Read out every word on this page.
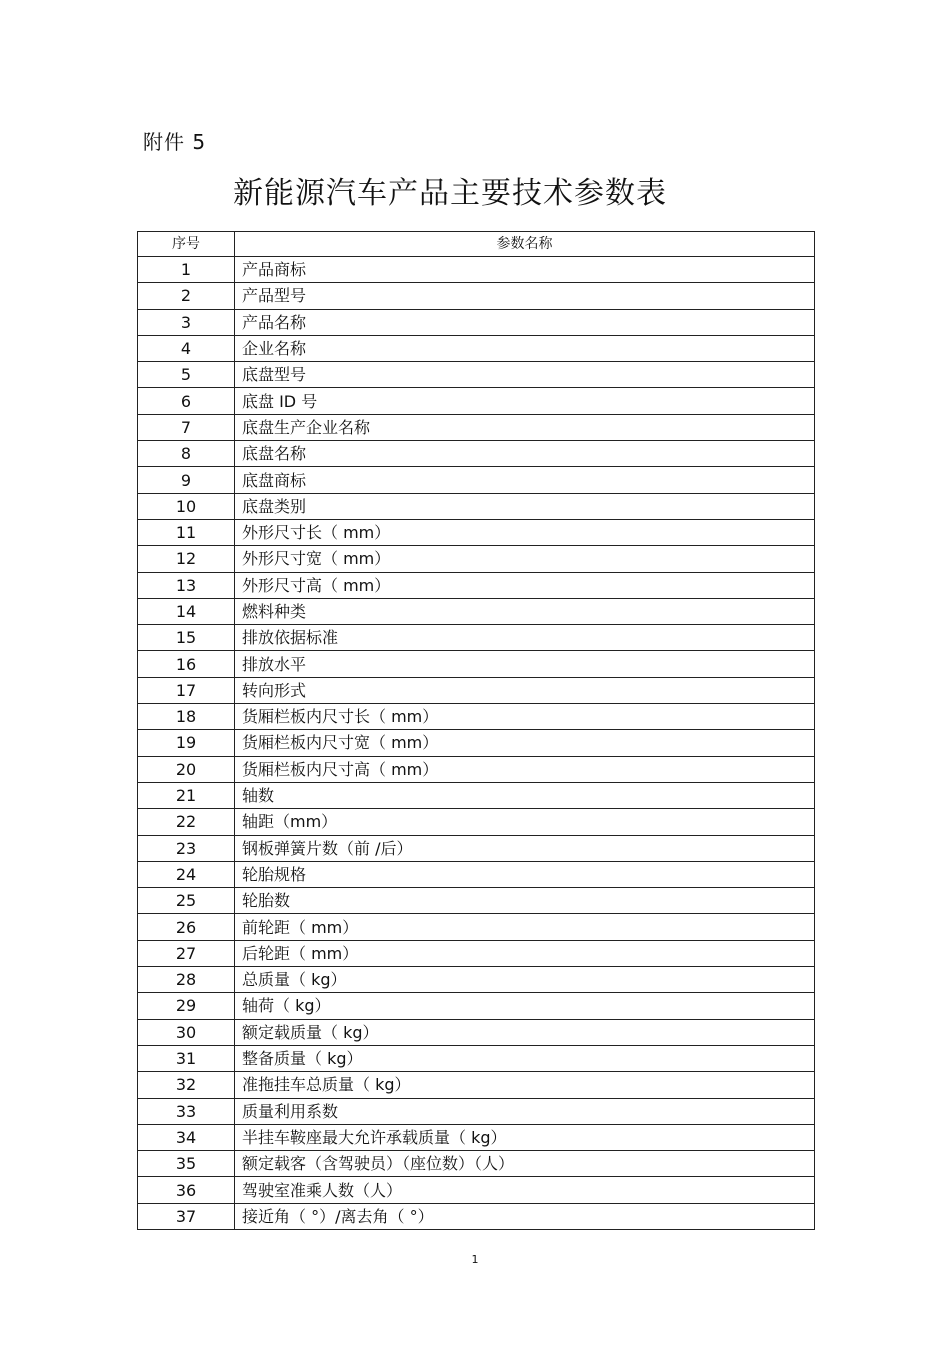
附件 5
新能源汽车产品主要技术参数表
序号	参数名称
1	产品商标
2	产品型号
3	产品名称
4	企业名称
5	底盘型号
6	底盘 ID 号
7	底盘生产企业名称
8	底盘名称
9	底盘商标
10	底盘类别
11	外形尺寸长（ mm）
12	外形尺寸宽（ mm）
13	外形尺寸高（ mm）
14	燃料种类
15	排放依据标准
16	排放水平
17	转向形式
18	货厢栏板内尺寸长（ mm）
19	货厢栏板内尺寸宽（ mm）
20	货厢栏板内尺寸高（ mm）
21	轴数
22	轴距（mm）
23	钢板弹簧片数（前 /后）
24	轮胎规格
25	轮胎数
26	前轮距（ mm）
27	后轮距（ mm）
28	总质量（ kg）
29	轴荷（ kg）
30	额定载质量（ kg）
31	整备质量（ kg）
32	准拖挂车总质量（ kg）
33	质量利用系数
34	半挂车鞍座最大允许承载质量（ kg）
35	额定载客（含驾驶员）（座位数）（人）
36	驾驶室准乘人数（人）
37	接近角（ °）/离去角（ °）
1
